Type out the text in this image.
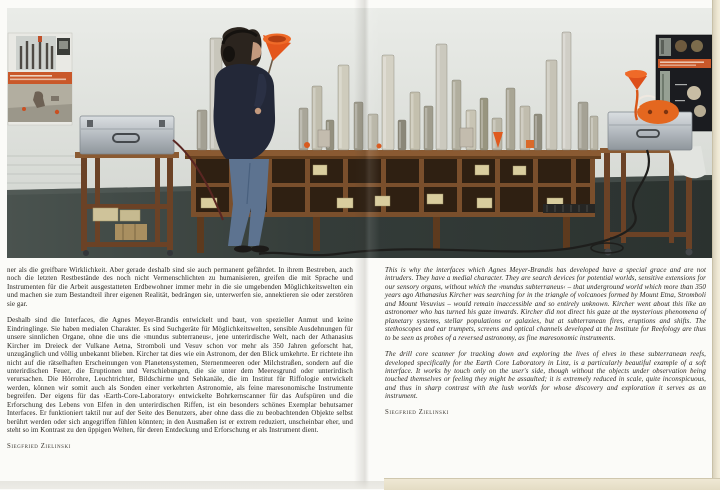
ner als die greifbare Wirklichkeit. Aber gerade deshalb sind sie auch permanent gefährdet. In ihrem Bestreben, auch noch die letzten Restbestände des noch nicht Vermenschlichten zu humanisieren, greifen die mit Sprache und Instrumenten für die Arbeit ausgestatteten Erdbewohner immer mehr in die sie umgebenden Möglichkeitswelten ein und machen sie zum Bestandteil ihrer eigenen Realität, bedrängen sie, unterwerfen sie, annektieren sie oder zerstören sie gar.

Deshalb sind die Interfaces, die Agnes Meyer-Brandis entwickelt und baut, von spezieller Anmut und keine Eindringlinge. Sie haben medialen Charakter. Es sind Suchgeräte für Möglichkeitswelten, sensible Ausdehnungen für unsere sinnlichen Organe, ohne die uns die ›mundus subterraneus‹, jene unterirdische Welt, nach der Athanasius Kircher im Dreieck der Vulkane Aetna, Stromboli und Vesuv schon vor mehr als 350 Jahren geforscht hat, unzugänglich und völlig unbekannt blieben. Kircher tat dies wie ein Astronom, der den Blick umkehrte. Er richtete ihn nicht auf die rätselhaften Erscheinungen von Planetensystemen, Sternenmeeren oder Milchstraßen, sondern auf die unterirdischen Feuer, die Eruptionen und Verschiebungen, die sie unter dem Meeresgrund oder unterirdisch verursachen. Die Hörrohre, Leuchtrichter, Bildschirme und Sehkanäle, die im Institut für Riffologie entwickelt werden, können wir somit auch als Sonden einer verkehrten Astronomie, als feine maresonomische Instrumente begreifen. Der eigens für das ›Earth-Core-Laboratory‹ entwickelte Bohrkernscanner für das Aufspüren und die Erforschung des Lebens von Elfen in den unterirdischen Riffen, ist ein besonders schönes Exemplar behutsamer Interfaces. Er funktioniert taktil nur auf der Seite des Benutzers, aber ohne dass die zu beobachtenden Objekte selbst berührt werden oder sich angegriffen fühlen könnten; in den Ausmaßen ist er extrem reduziert, unscheinbar eher, und steht so im Kontrast zu den üppigen Welten, für deren Entdeckung und Erforschung er als Instrument dient.

Siegfried Zielinski

This is why the interfaces which Agnes Meyer-Brandis has developed have a special grace and are not intruders. They have a medial character. They are search devices for potential worlds, sensitive extensions for our sensory organs, without which the ›mundus subterraneus‹ – that underground world which more than 350 years ago Athanasius Kircher was searching for in the triangle of volcanoes formed by Mount Etna, Stromboli and Mount Vesuvius – would remain inaccessible and so entirely unknown. Kircher went about this like an astronomer who has turned his gaze inwards. Kircher did not direct his gaze at the mysterious phenomena of planetary systems, stellar populations or galaxies, but at subterranean fires, eruptions and shifts. The stethoscopes and ear trumpets, screens and optical channels developed at the Institute for Reefology are thus to be seen as probes of a reversed astronomy, as fine maresonomic instruments.

The drill core scanner for tracking down and exploring the lives of elves in these subterranean reefs, developed specifically for the Earth Core Laboratory in Linz, is a particularly beautiful example of a soft interface. It works by touch only on the user's side, though without the objects under observation being touched themselves or feeling they might be assaulted; it is extremely reduced in scale, quite inconspicuous, and thus in sharp contrast with the lush worlds for whose discovery and exploration it serves as an instrument.

Siegfried Zielinski
